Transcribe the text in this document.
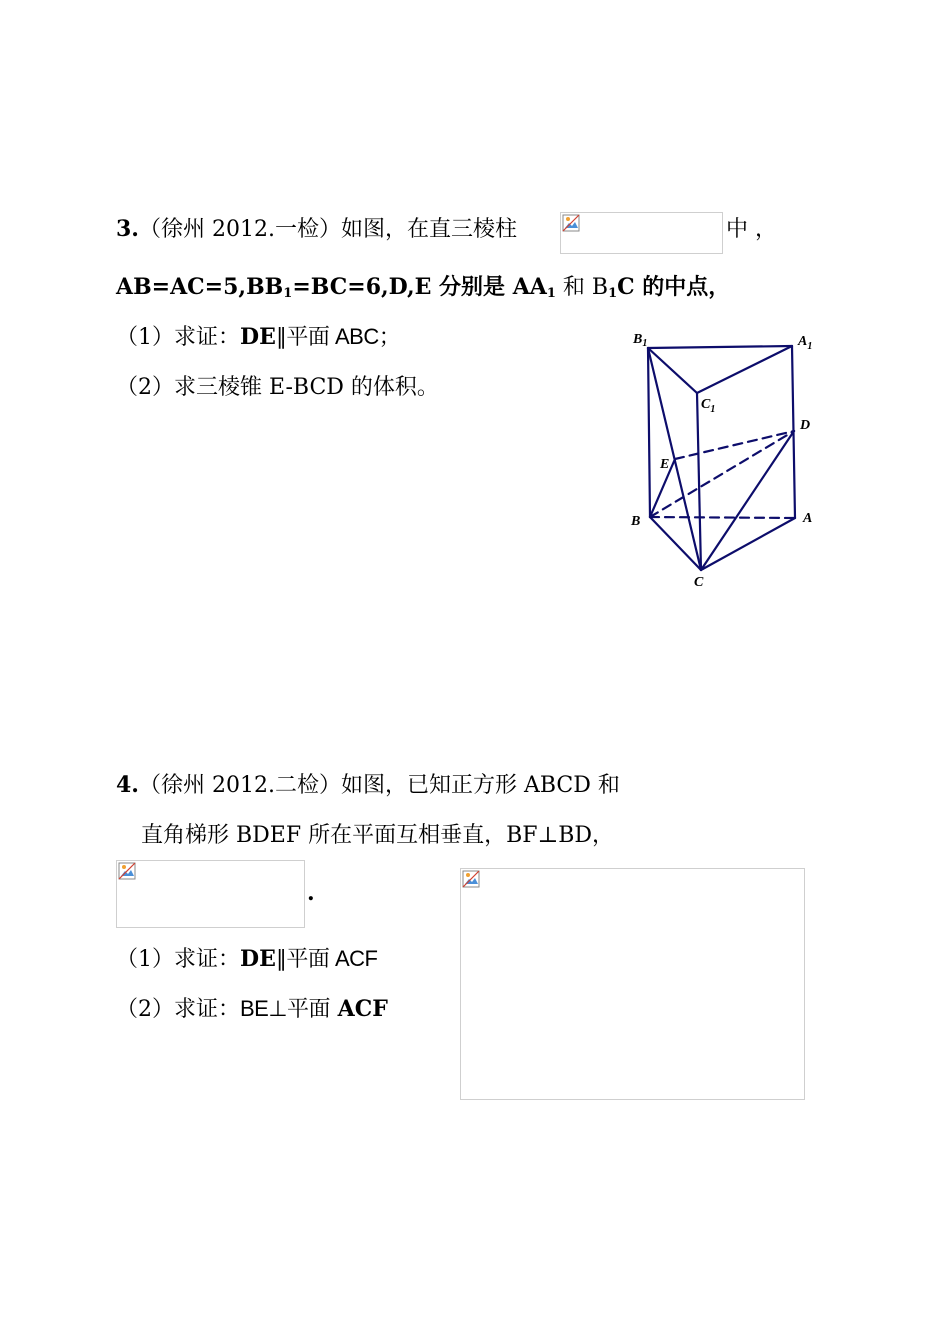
3.（徐州 2012.一检）如图，在直三棱柱	中 ，
$AB=AC=5,BB_1=BC=6,D,E$ 分别是 $AA_1$ 和 $B_1C$ 的中点，
（1）求证：DE∥平面 ABC；
（2）求三棱锥 E-BCD 的体积。
$B_1$	$A_1$
$C_1$
D
E
B	A
C
4.（徐州 2012.二检）如图，已知正方形 ABCD 和
直角梯形 BDEF 所在平面互相垂直，BF⊥BD，
.
（1）求证：DE∥平面 ACF
（2）求证：BE⊥平面 ACF
